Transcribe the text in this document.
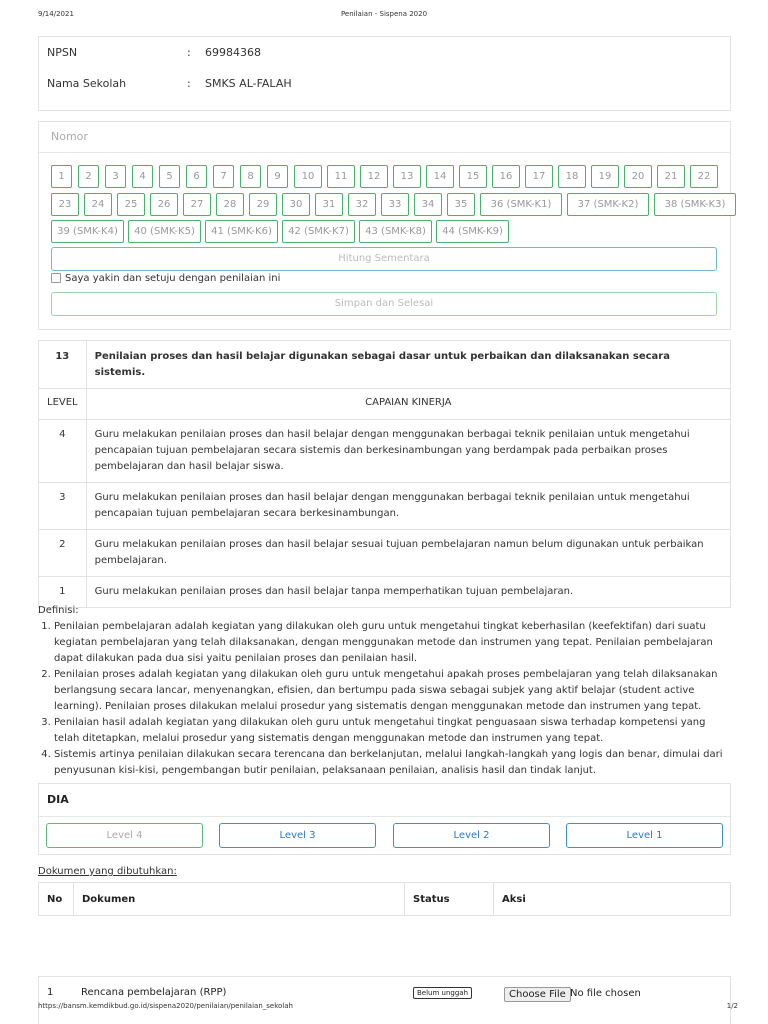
9/14/2021	Penilaian - Sispena 2020
NPSN	: 69984368
Nama Sekolah	: SMKS AL-FALAH
Nomor
1	2	3	4	5	6	7	8	9	10	11	12	13	14	15	16	17	18	19	20	21	22
23	24	25	26	27	28	29	30	31	32	33	34	35	36 (SMK-K1)	37 (SMK-K2)	38 (SMK-K3)
39 (SMK-K4)	40 (SMK-K5)	41 (SMK-K6)	42 (SMK-K7)	43 (SMK-K8)	44 (SMK-K9)
Hitung Sementara
Saya yakin dan setuju dengan penilaian ini
Simpan dan Selesai
13	Penilaian proses dan hasil belajar digunakan sebagai dasar untuk perbaikan dan dilaksanakan secara sistemis.
LEVEL	CAPAIAN KINERJA
4	Guru melakukan penilaian proses dan hasil belajar dengan menggunakan berbagai teknik penilaian untuk mengetahui pencapaian tujuan pembelajaran secara sistemis dan berkesinambungan yang berdampak pada perbaikan proses pembelajaran dan hasil belajar siswa.
3	Guru melakukan penilaian proses dan hasil belajar dengan menggunakan berbagai teknik penilaian untuk mengetahui pencapaian tujuan pembelajaran secara berkesinambungan.
2	Guru melakukan penilaian proses dan hasil belajar sesuai tujuan pembelajaran namun belum digunakan untuk perbaikan pembelajaran.
1	Guru melakukan penilaian proses dan hasil belajar tanpa memperhatikan tujuan pembelajaran.
Definisi:
1. Penilaian pembelajaran adalah kegiatan yang dilakukan oleh guru untuk mengetahui tingkat keberhasilan (keefektifan) dari suatu kegiatan pembelajaran yang telah dilaksanakan, dengan menggunakan metode dan instrumen yang tepat. Penilaian pembelajaran dapat dilakukan pada dua sisi yaitu penilaian proses dan penilaian hasil.
2. Penilaian proses adalah kegiatan yang dilakukan oleh guru untuk mengetahui apakah proses pembelajaran yang telah dilaksanakan berlangsung secara lancar, menyenangkan, efisien, dan bertumpu pada siswa sebagai subjek yang aktif belajar (student active learning). Penilaian proses dilakukan melalui prosedur yang sistematis dengan menggunakan metode dan instrumen yang tepat.
3. Penilaian hasil adalah kegiatan yang dilakukan oleh guru untuk mengetahui tingkat penguasaan siswa terhadap kompetensi yang telah ditetapkan, melalui prosedur yang sistematis dengan menggunakan metode dan instrumen yang tepat.
4. Sistemis artinya penilaian dilakukan secara terencana dan berkelanjutan, melalui langkah-langkah yang logis dan benar, dimulai dari penyusunan kisi-kisi, pengembangan butir penilaian, pelaksanaan penilaian, analisis hasil dan tindak lanjut.
DIA
Level 4	Level 3	Level 2	Level 1
Dokumen yang dibutuhkan:
No	Dokumen	Status	Aksi
1	Rencana pembelajaran (RPP)	Belum unggah	Choose File No file chosen
https://bansm.kemdikbud.go.id/sispena2020/penilaian/penilaian_sekolah	1/2
